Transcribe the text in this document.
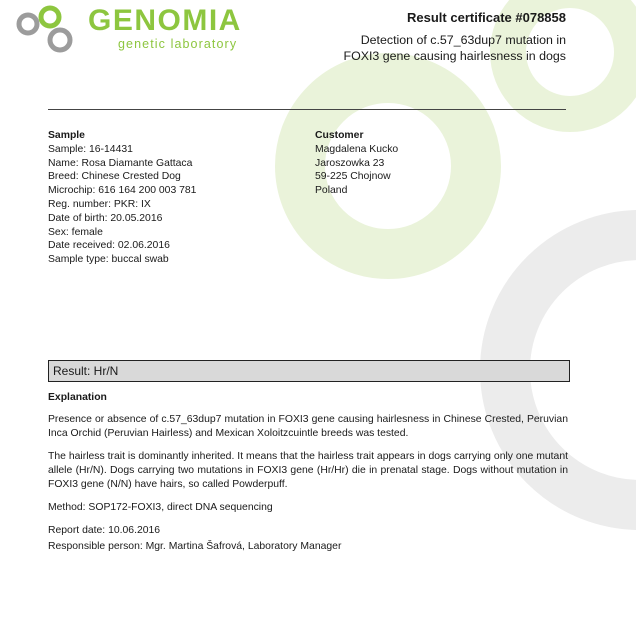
GENOMIA
genetic laboratory
Result certificate #078858
Detection of c.57_63dup7 mutation in
FOXI3 gene causing hairlesness in dogs
Sample
Sample: 16-14431
Name: Rosa Diamante Gattaca
Breed: Chinese Crested Dog
Microchip: 616 164 200 003 781
Reg. number: PKR: IX
Date of birth: 20.05.2016
Sex: female
Date received: 02.06.2016
Sample type: buccal swab
Customer
Magdalena Kucko
Jaroszowka 23
59-225 Chojnow
Poland
Result: Hr/N

Explanation

Presence or absence of c.57_63dup7 mutation in FOXI3 gene causing hairlesness in Chinese Crested, Peruvian Inca Orchid (Peruvian Hairless) and Mexican Xoloitzcuintle breeds was tested.

The hairless trait is dominantly inherited. It means that the hairless trait appears in dogs carrying only one mutant allele (Hr/N). Dogs carrying two mutations in FOXI3 gene (Hr/Hr) die in prenatal stage. Dogs without mutation in FOXI3 gene (N/N) have hairs, so called Powderpuff.

Method: SOP172-FOXI3, direct DNA sequencing

Report date: 10.06.2016

Responsible person: Mgr. Martina Šafrová, Laboratory Manager
